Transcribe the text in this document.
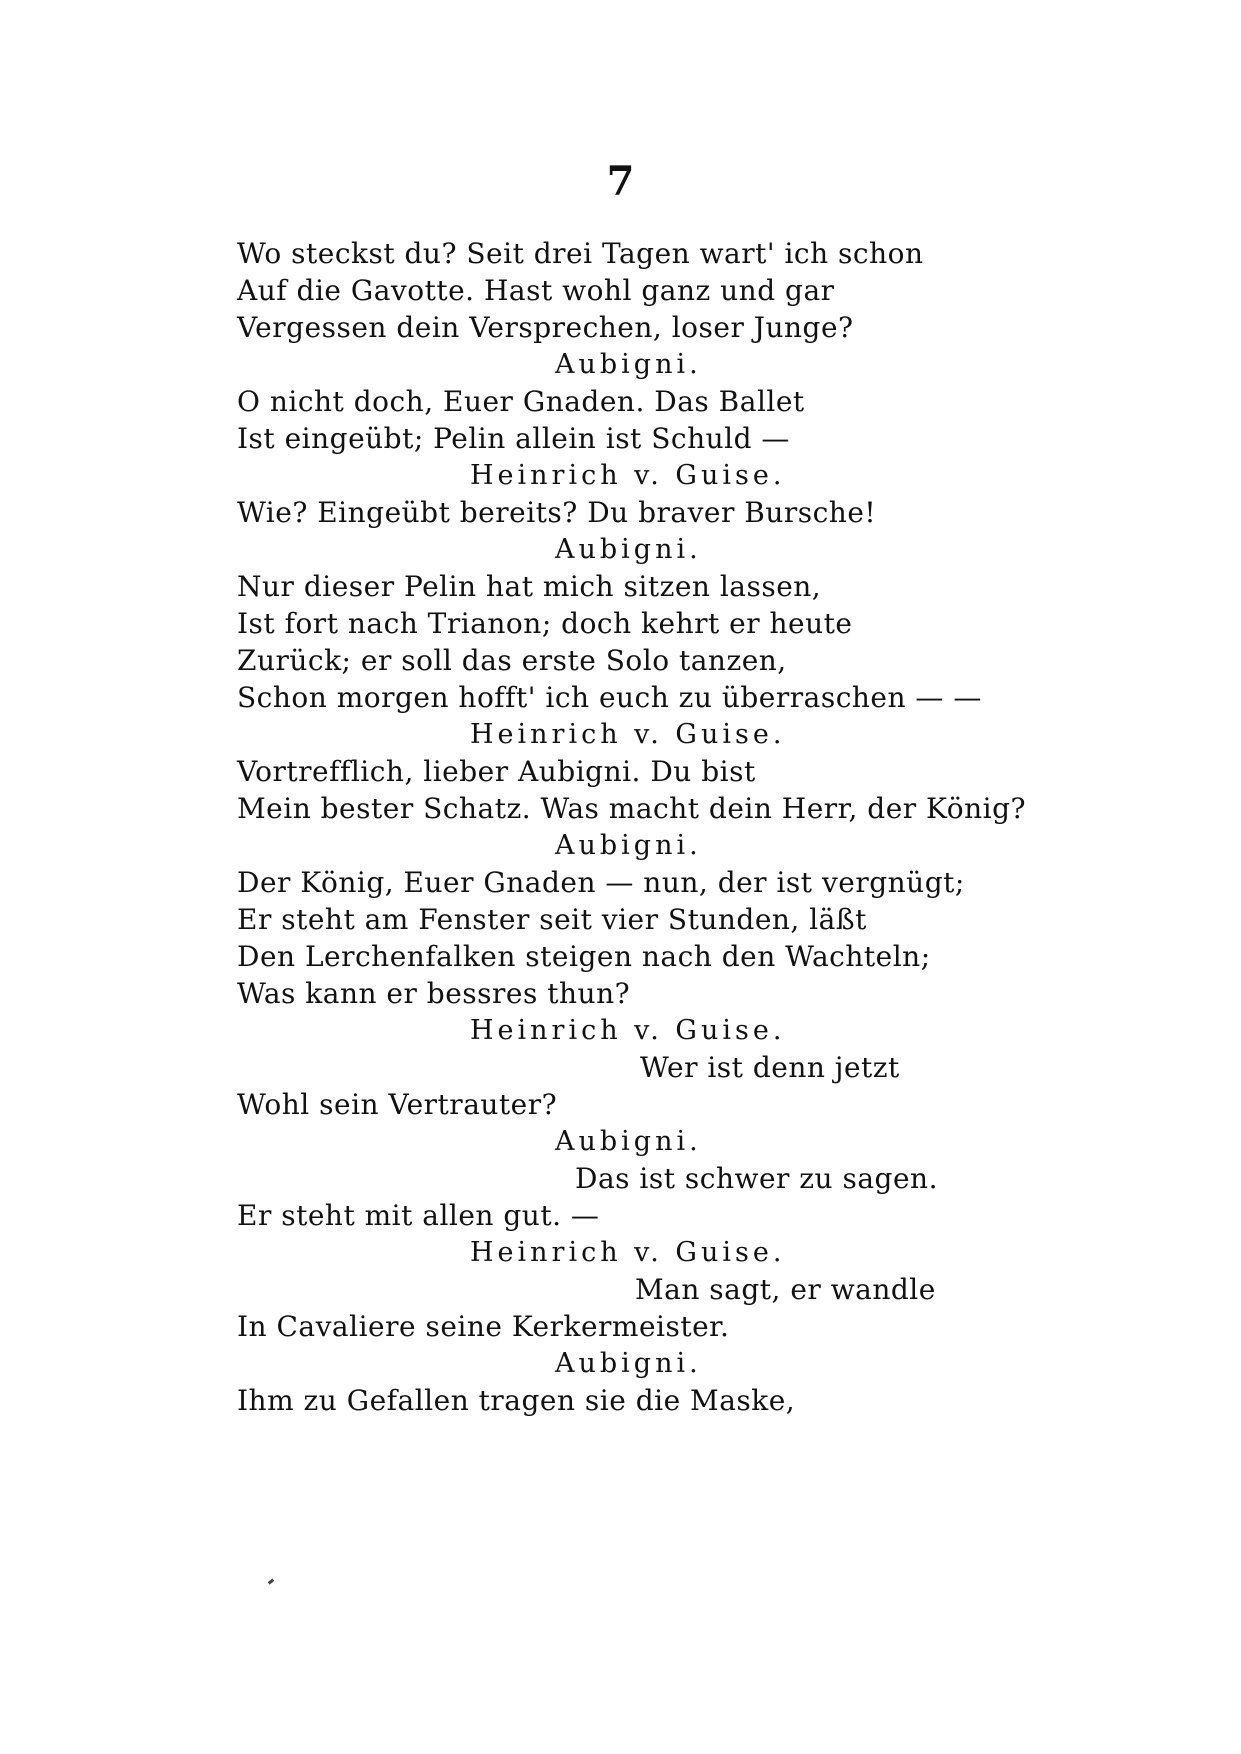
7
Wo steckst du? Seit drei Tagen wart' ich schon
Auf die Gavotte. Hast wohl ganz und gar
Vergessen dein Versprechen, loser Junge?
Aubigni.
O nicht doch, Euer Gnaden. Das Ballet
Ist eingeübt; Pelin allein ist Schuld —
Heinrich v. Guise.
Wie? Eingeübt bereits? Du braver Bursche!
Aubigni.
Nur dieser Pelin hat mich sitzen lassen,
Ist fort nach Trianon; doch kehrt er heute
Zurück; er soll das erste Solo tanzen,
Schon morgen hofft' ich euch zu überraschen — —
Heinrich v. Guise.
Vortrefflich, lieber Aubigni. Du bist
Mein bester Schatz. Was macht dein Herr, der König?
Aubigni.
Der König, Euer Gnaden — nun, der ist vergnügt;
Er steht am Fenster seit vier Stunden, läßt
Den Lerchenfalken steigen nach den Wachteln;
Was kann er bessres thun?
Heinrich v. Guise.
Wer ist denn jetzt
Wohl sein Vertrauter?
Aubigni.
Das ist schwer zu sagen.
Er steht mit allen gut. —
Heinrich v. Guise.
Man sagt, er wandle
In Cavaliere seine Kerkermeister.
Aubigni.
Ihm zu Gefallen tragen sie die Maske,
